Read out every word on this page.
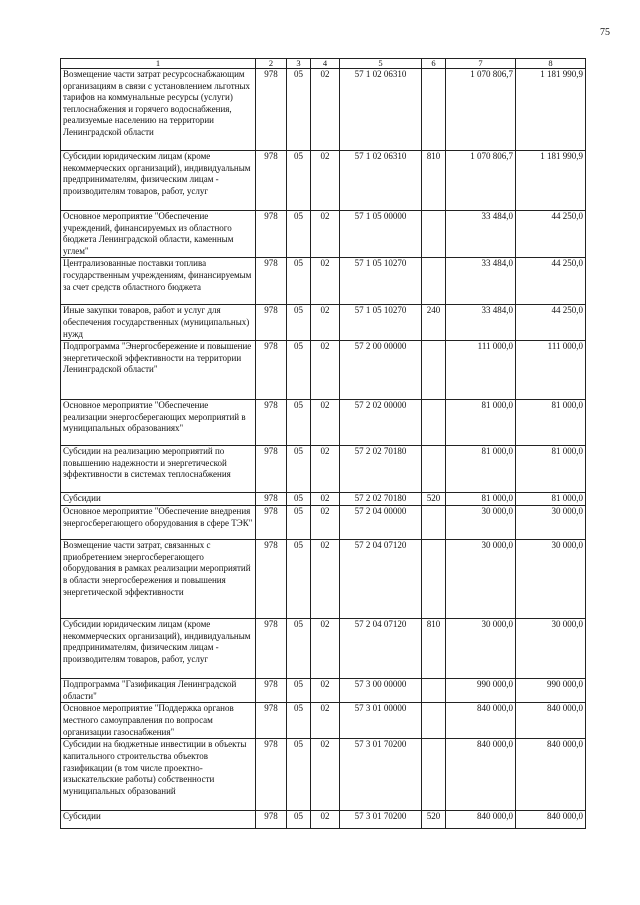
75
1	2	3	4	5	6	7	8
Возмещение части затрат ресурсоснабжающим организациям в связи с установлением льготных тарифов на коммунальные ресурсы (услуги) теплоснабжения и горячего водоснабжения, реализуемые населению на территории Ленинградской области	978	05	02	57 1 02 06310		1 070 806,7	1 181 990,9
Субсидии юридическим лицам (кроме некоммерческих организаций), индивидуальным предпринимателям, физическим лицам - производителям товаров, работ, услуг	978	05	02	57 1 02 06310	810	1 070 806,7	1 181 990,9
Основное мероприятие "Обеспечение учреждений, финансируемых из областного бюджета Ленинградской области, каменным углем"	978	05	02	57 1 05 00000		33 484,0	44 250,0
Централизованные поставки топлива государственным учреждениям, финансируемым за счет средств областного бюджета	978	05	02	57 1 05 10270		33 484,0	44 250,0
Иные закупки товаров, работ и услуг для обеспечения государственных (муниципальных) нужд	978	05	02	57 1 05 10270	240	33 484,0	44 250,0
Подпрограмма "Энергосбережение и повышение энергетической эффективности на территории Ленинградской области"	978	05	02	57 2 00 00000		111 000,0	111 000,0
Основное мероприятие "Обеспечение реализации энергосберегающих мероприятий в муниципальных образованиях"	978	05	02	57 2 02 00000		81 000,0	81 000,0
Субсидии на реализацию мероприятий по повышению надежности и энергетической эффективности в системах теплоснабжения	978	05	02	57 2 02 70180		81 000,0	81 000,0
Субсидии	978	05	02	57 2 02 70180	520	81 000,0	81 000,0
Основное мероприятие "Обеспечение внедрения энергосберегающего оборудования в сфере ТЭК"	978	05	02	57 2 04 00000		30 000,0	30 000,0
Возмещение части затрат, связанных с приобретением энергосберегающего оборудования в рамках реализации мероприятий в области энергосбережения и повышения энергетической эффективности	978	05	02	57 2 04 07120		30 000,0	30 000,0
Субсидии юридическим лицам (кроме некоммерческих организаций), индивидуальным предпринимателям, физическим лицам - производителям товаров, работ, услуг	978	05	02	57 2 04 07120	810	30 000,0	30 000,0
Подпрограмма "Газификация Ленинградской области"	978	05	02	57 3 00 00000		990 000,0	990 000,0
Основное мероприятие "Поддержка органов местного самоуправления по вопросам организации газоснабжения"	978	05	02	57 3 01 00000		840 000,0	840 000,0
Субсидии на бюджетные инвестиции в объекты капитального строительства объектов газификации (в том числе проектно-изыскательские работы) собственности муниципальных образований	978	05	02	57 3 01 70200		840 000,0	840 000,0
Субсидии	978	05	02	57 3 01 70200	520	840 000,0	840 000,0
